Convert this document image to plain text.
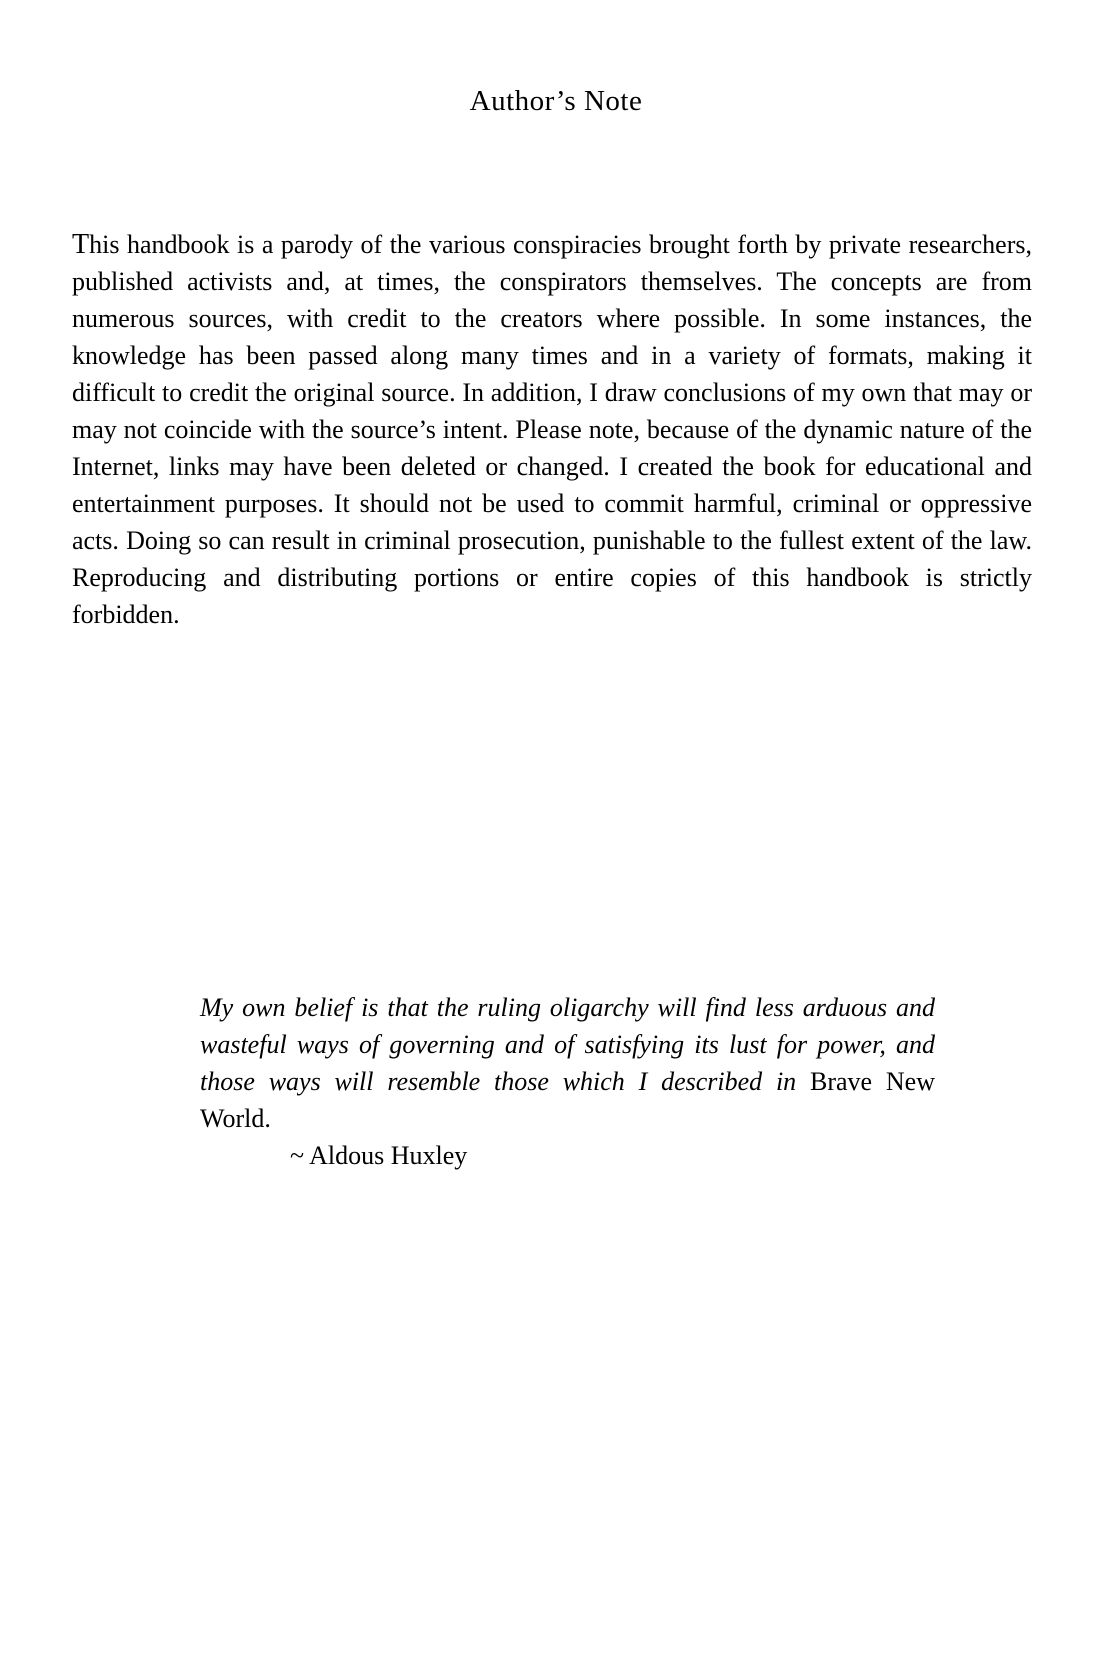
Author’s Note

This handbook is a parody of the various conspiracies brought forth by private researchers, published activists and, at times, the conspirators themselves. The concepts are from numerous sources, with credit to the creators where possible. In some instances, the knowledge has been passed along many times and in a variety of formats, making it difficult to credit the original source. In addition, I draw conclusions of my own that may or may not coincide with the source’s intent. Please note, because of the dynamic nature of the Internet, links may have been deleted or changed. I created the book for educational and entertainment purposes. It should not be used to commit harmful, criminal or oppressive acts. Doing so can result in criminal prosecution, punishable to the fullest extent of the law. Reproducing and distributing portions or entire copies of this handbook is strictly forbidden.

My own belief is that the ruling oligarchy will find less arduous and wasteful ways of governing and of satisfying its lust for power, and those ways will resemble those which I described in Brave New World.
~ Aldous Huxley
